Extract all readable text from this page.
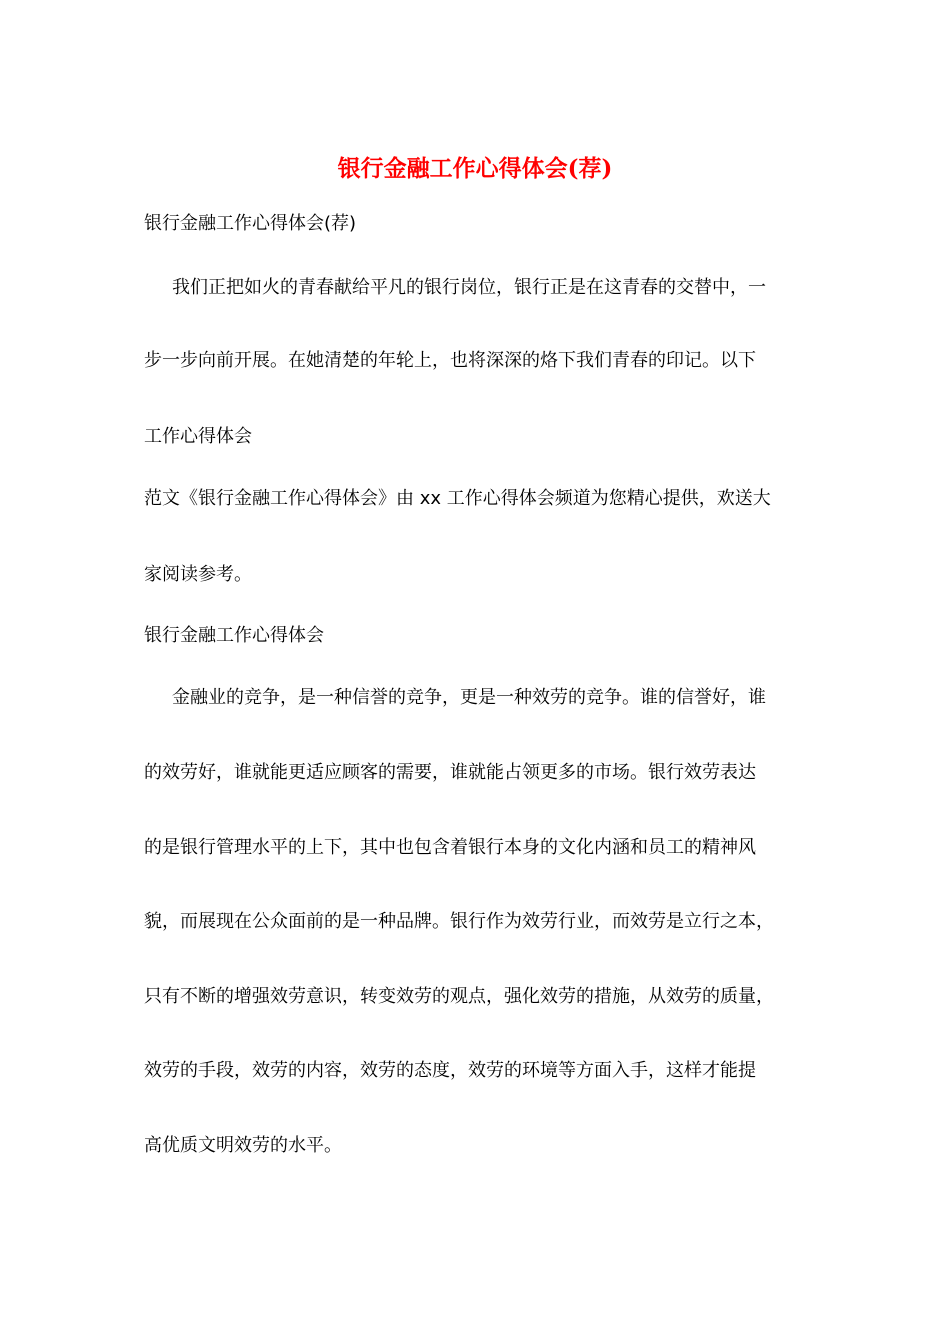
银行金融工作心得体会(荐)
银行金融工作心得体会(荐)
我们正把如火的青春献给平凡的银行岗位，银行正是在这青春的交替中，一
步一步向前开展。在她清楚的年轮上，也将深深的烙下我们青春的印记。以下
工作心得体会
范文《银行金融工作心得体会》由 xx 工作心得体会频道为您精心提供，欢送大
家阅读参考。
银行金融工作心得体会
金融业的竞争，是一种信誉的竞争，更是一种效劳的竞争。谁的信誉好，谁
的效劳好，谁就能更适应顾客的需要，谁就能占领更多的市场。银行效劳表达
的是银行管理水平的上下，其中也包含着银行本身的文化内涵和员工的精神风
貌，而展现在公众面前的是一种品牌。银行作为效劳行业，而效劳是立行之本，
只有不断的增强效劳意识，转变效劳的观点，强化效劳的措施，从效劳的质量，
效劳的手段，效劳的内容，效劳的态度，效劳的环境等方面入手，这样才能提
高优质文明效劳的水平。
